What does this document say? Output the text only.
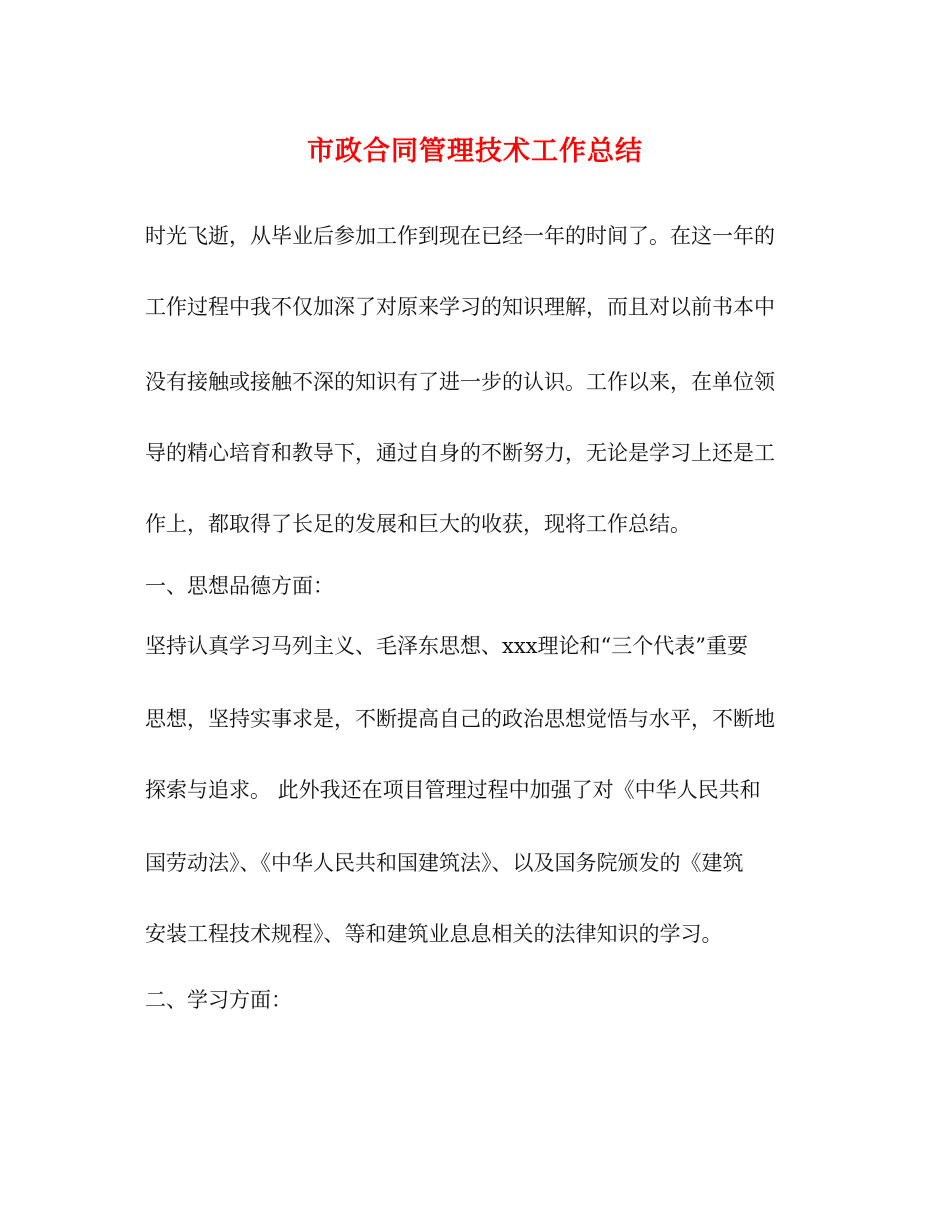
市政合同管理技术工作总结
时光飞逝，从毕业后参加工作到现在已经一年的时间了。在这一年的
工作过程中我不仅加深了对原来学习的知识理解，而且对以前书本中
没有接触或接触不深的知识有了进一步的认识。工作以来，在单位领
导的精心培育和教导下，通过自身的不断努力，无论是学习上还是工
作上，都取得了长足的发展和巨大的收获，现将工作总结。
一、思想品德方面：
坚持认真学习马列主义、毛泽东思想、xxx理论和“三个代表”重要
思想，坚持实事求是，不断提高自己的政治思想觉悟与水平，不断地
探索与追求。 此外我还在项目管理过程中加强了对《中华人民共和
国劳动法》、《中华人民共和国建筑法》、以及国务院颁发的《建筑
安装工程技术规程》、等和建筑业息息相关的法律知识的学习。
二、学习方面：
